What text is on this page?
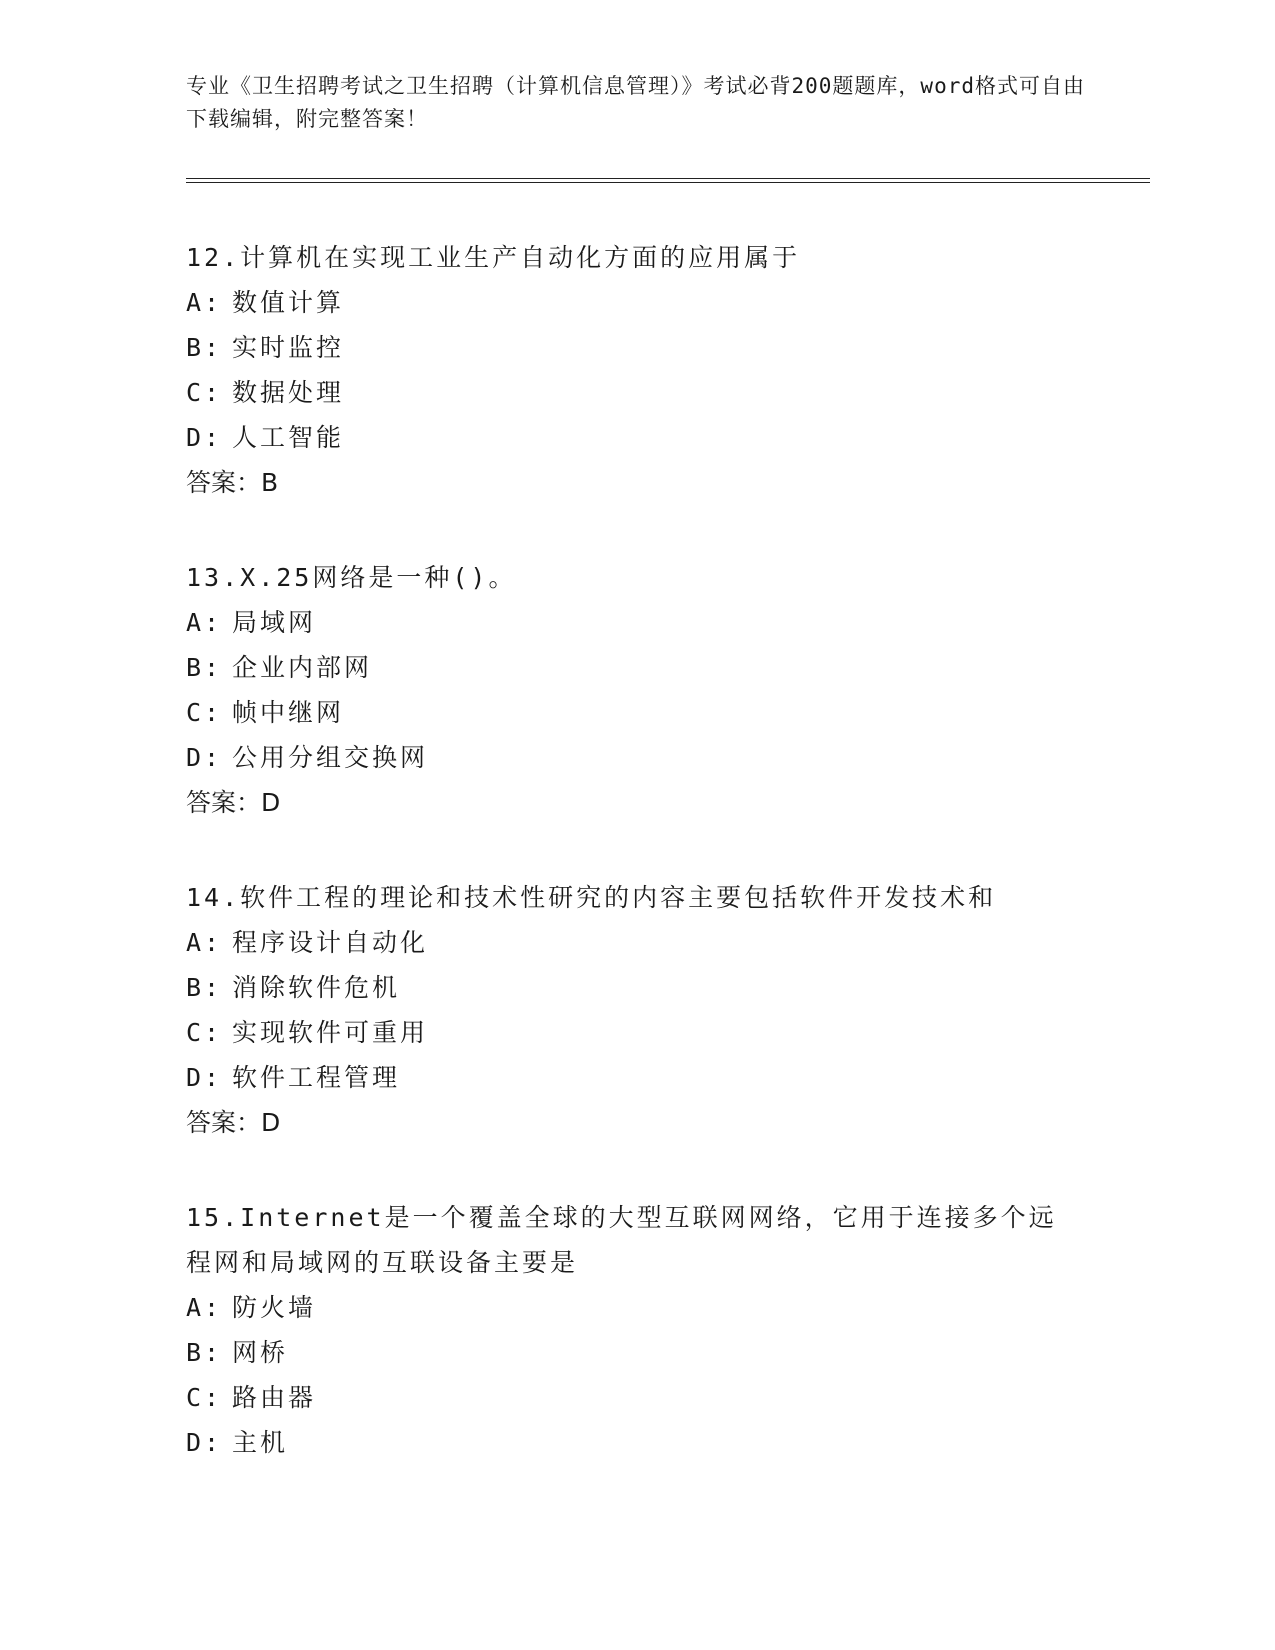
专业《卫生招聘考试之卫生招聘（计算机信息管理）》考试必背200题题库，word格式可自由下载编辑，附完整答案！

12.计算机在实现工业生产自动化方面的应用属于

A: 数值计算
B: 实时监控
C: 数据处理
D: 人工智能
答案：B

13.X.25网络是一种()。

A: 局域网
B: 企业内部网
C: 帧中继网
D: 公用分组交换网
答案：D

14.软件工程的理论和技术性研究的内容主要包括软件开发技术和

A: 程序设计自动化
B: 消除软件危机
C: 实现软件可重用
D: 软件工程管理
答案：D

15.Internet是一个覆盖全球的大型互联网网络，它用于连接多个远程网和局域网的互联设备主要是

A: 防火墙
B: 网桥
C: 路由器
D: 主机
